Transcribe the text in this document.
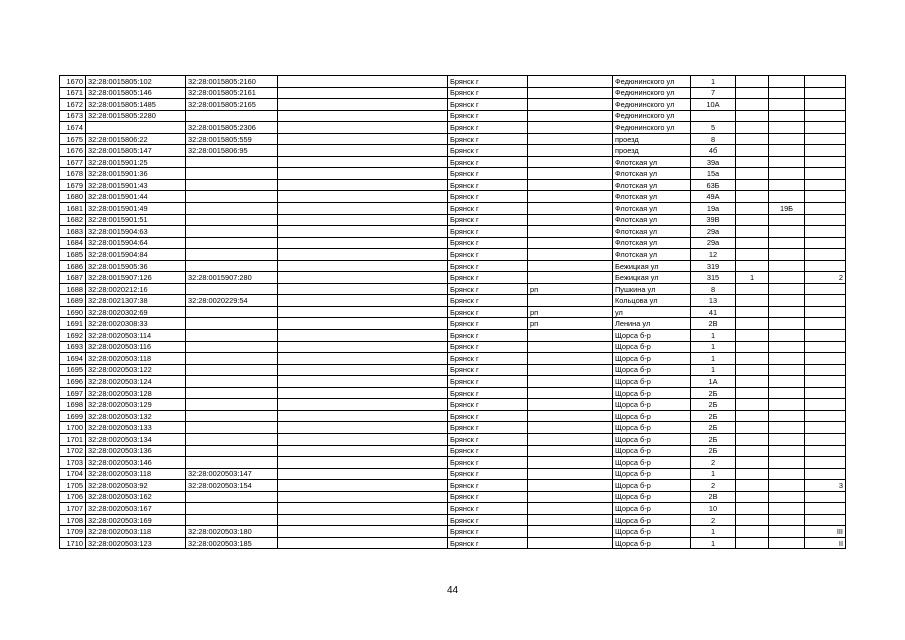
1670	32:28:0015805:102	32:28:0015805:2160		Брянск г		Федюнинского ул	1			
1671	32:28:0015805:146	32:28:0015805:2161		Брянск г		Федюнинского ул	7			
1672	32:28:0015805:1485	32:28:0015805:2165		Брянск г		Федюнинского ул	10А			
1673	32:28:0015805:2280			Брянск г		Федюнинского ул				
1674		32:28:0015805:2306		Брянск г		Федюнинского ул	5			
1675	32:28:0015806:22	32:28:0015805:559		Брянск г		проезд	8			
1676	32:28:0015805:147	32:28:0015806:95		Брянск г		проезд	4б			
1677	32:28:0015901:25			Брянск г		Флотская ул	39а			
1678	32:28:0015901:36			Брянск г		Флотская ул	15а			
1679	32:28:0015901:43			Брянск г		Флотская ул	63Б			
1680	32:28:0015901:44			Брянск г		Флотская ул	49А			
1681	32:28:0015901:49			Брянск г		Флотская ул	19а		19Б	
1682	32:28:0015901:51			Брянск г		Флотская ул	39В			
1683	32:28:0015904:63			Брянск г		Флотская ул	29а			
1684	32:28:0015904:64			Брянск г		Флотская ул	29а			
1685	32:28:0015904:84			Брянск г		Флотская ул	12			
1686	32:28:0015905:36			Брянск г		Бежицкая ул	319			
1687	32:28:0015907:126	32:28:0015907:280		Брянск г		Бежицкая ул	315	1		2
1688	32:28:0020212:16			Брянск г	рп	Пушкина ул	8			
1689	32:28:0021307:38	32:28:0020229:54		Брянск г		Кольцова ул	13			
1690	32:28:0020302:69			Брянск г	рп	ул	41			
1691	32:28:0020308:33			Брянск г	рп	Ленина ул	2В			
1692	32:28:0020503:114			Брянск г		Щорса б-р	1			
1693	32:28:0020503:116			Брянск г		Щорса б-р	1			
1694	32:28:0020503:118			Брянск г		Щорса б-р	1			
1695	32:28:0020503:122			Брянск г		Щорса б-р	1			
1696	32:28:0020503:124			Брянск г		Щорса б-р	1А			
1697	32:28:0020503:128			Брянск г		Щорса б-р	2Б			
1698	32:28:0020503:129			Брянск г		Щорса б-р	2Б			
1699	32:28:0020503:132			Брянск г		Щорса б-р	2Б			
1700	32:28:0020503:133			Брянск г		Щорса б-р	2Б			
1701	32:28:0020503:134			Брянск г		Щорса б-р	2Б			
1702	32:28:0020503:136			Брянск г		Щорса б-р	2Б			
1703	32:28:0020503:146			Брянск г		Щорса б-р	2			
1704	32:28:0020503:118	32:28:0020503:147		Брянск г		Щорса б-р	1			
1705	32:28:0020503:92	32:28:0020503:154		Брянск г		Щорса б-р	2			3
1706	32:28:0020503:162			Брянск г		Щорса б-р	2В			
1707	32:28:0020503:167			Брянск г		Щорса б-р	10			
1708	32:28:0020503:169			Брянск г		Щорса б-р	2			
1709	32:28:0020503:118	32:28:0020503:180		Брянск г		Щорса б-р	1			III
1710	32:28:0020503:123	32:28:0020503:185		Брянск г		Щорса б-р	1			II
44
